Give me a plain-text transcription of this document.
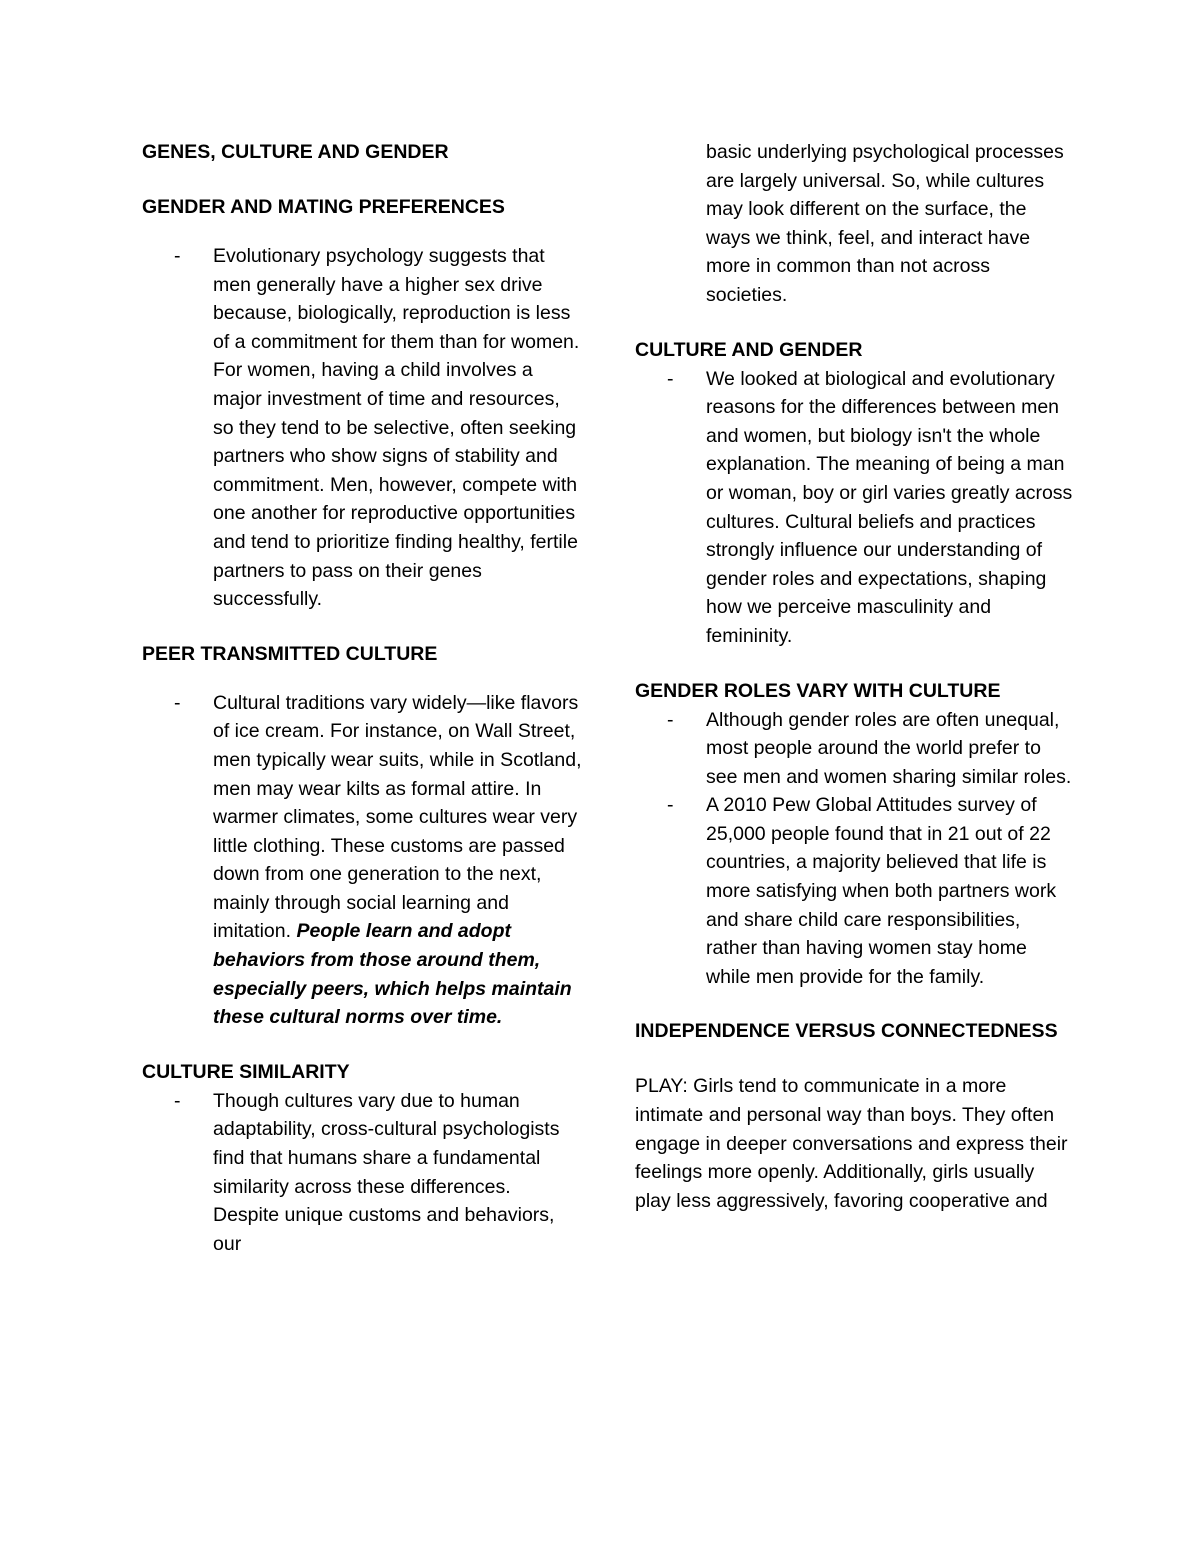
GENES, CULTURE AND GENDER

GENDER AND MATING PREFERENCES

- Evolutionary psychology suggests that men generally have a higher sex drive because, biologically, reproduction is less of a commitment for them than for women. For women, having a child involves a major investment of time and resources, so they tend to be selective, often seeking partners who show signs of stability and commitment. Men, however, compete with one another for reproductive opportunities and tend to prioritize finding healthy, fertile partners to pass on their genes successfully.

PEER TRANSMITTED CULTURE

- Cultural traditions vary widely—like flavors of ice cream. For instance, on Wall Street, men typically wear suits, while in Scotland, men may wear kilts as formal attire. In warmer climates, some cultures wear very little clothing. These customs are passed down from one generation to the next, mainly through social learning and imitation. People learn and adopt behaviors from those around them, especially peers, which helps maintain these cultural norms over time.

CULTURE SIMILARITY

- Though cultures vary due to human adaptability, cross-cultural psychologists find that humans share a fundamental similarity across these differences. Despite unique customs and behaviors, our

basic underlying psychological processes are largely universal. So, while cultures may look different on the surface, the ways we think, feel, and interact have more in common than not across societies.

CULTURE AND GENDER

- We looked at biological and evolutionary reasons for the differences between men and women, but biology isn't the whole explanation. The meaning of being a man or woman, boy or girl varies greatly across cultures. Cultural beliefs and practices strongly influence our understanding of gender roles and expectations, shaping how we perceive masculinity and femininity.

GENDER ROLES VARY WITH CULTURE

- Although gender roles are often unequal, most people around the world prefer to see men and women sharing similar roles.

- A 2010 Pew Global Attitudes survey of 25,000 people found that in 21 out of 22 countries, a majority believed that life is more satisfying when both partners work and share child care responsibilities, rather than having women stay home while men provide for the family.

INDEPENDENCE VERSUS CONNECTEDNESS

PLAY: Girls tend to communicate in a more intimate and personal way than boys. They often engage in deeper conversations and express their feelings more openly. Additionally, girls usually play less aggressively, favoring cooperative and
